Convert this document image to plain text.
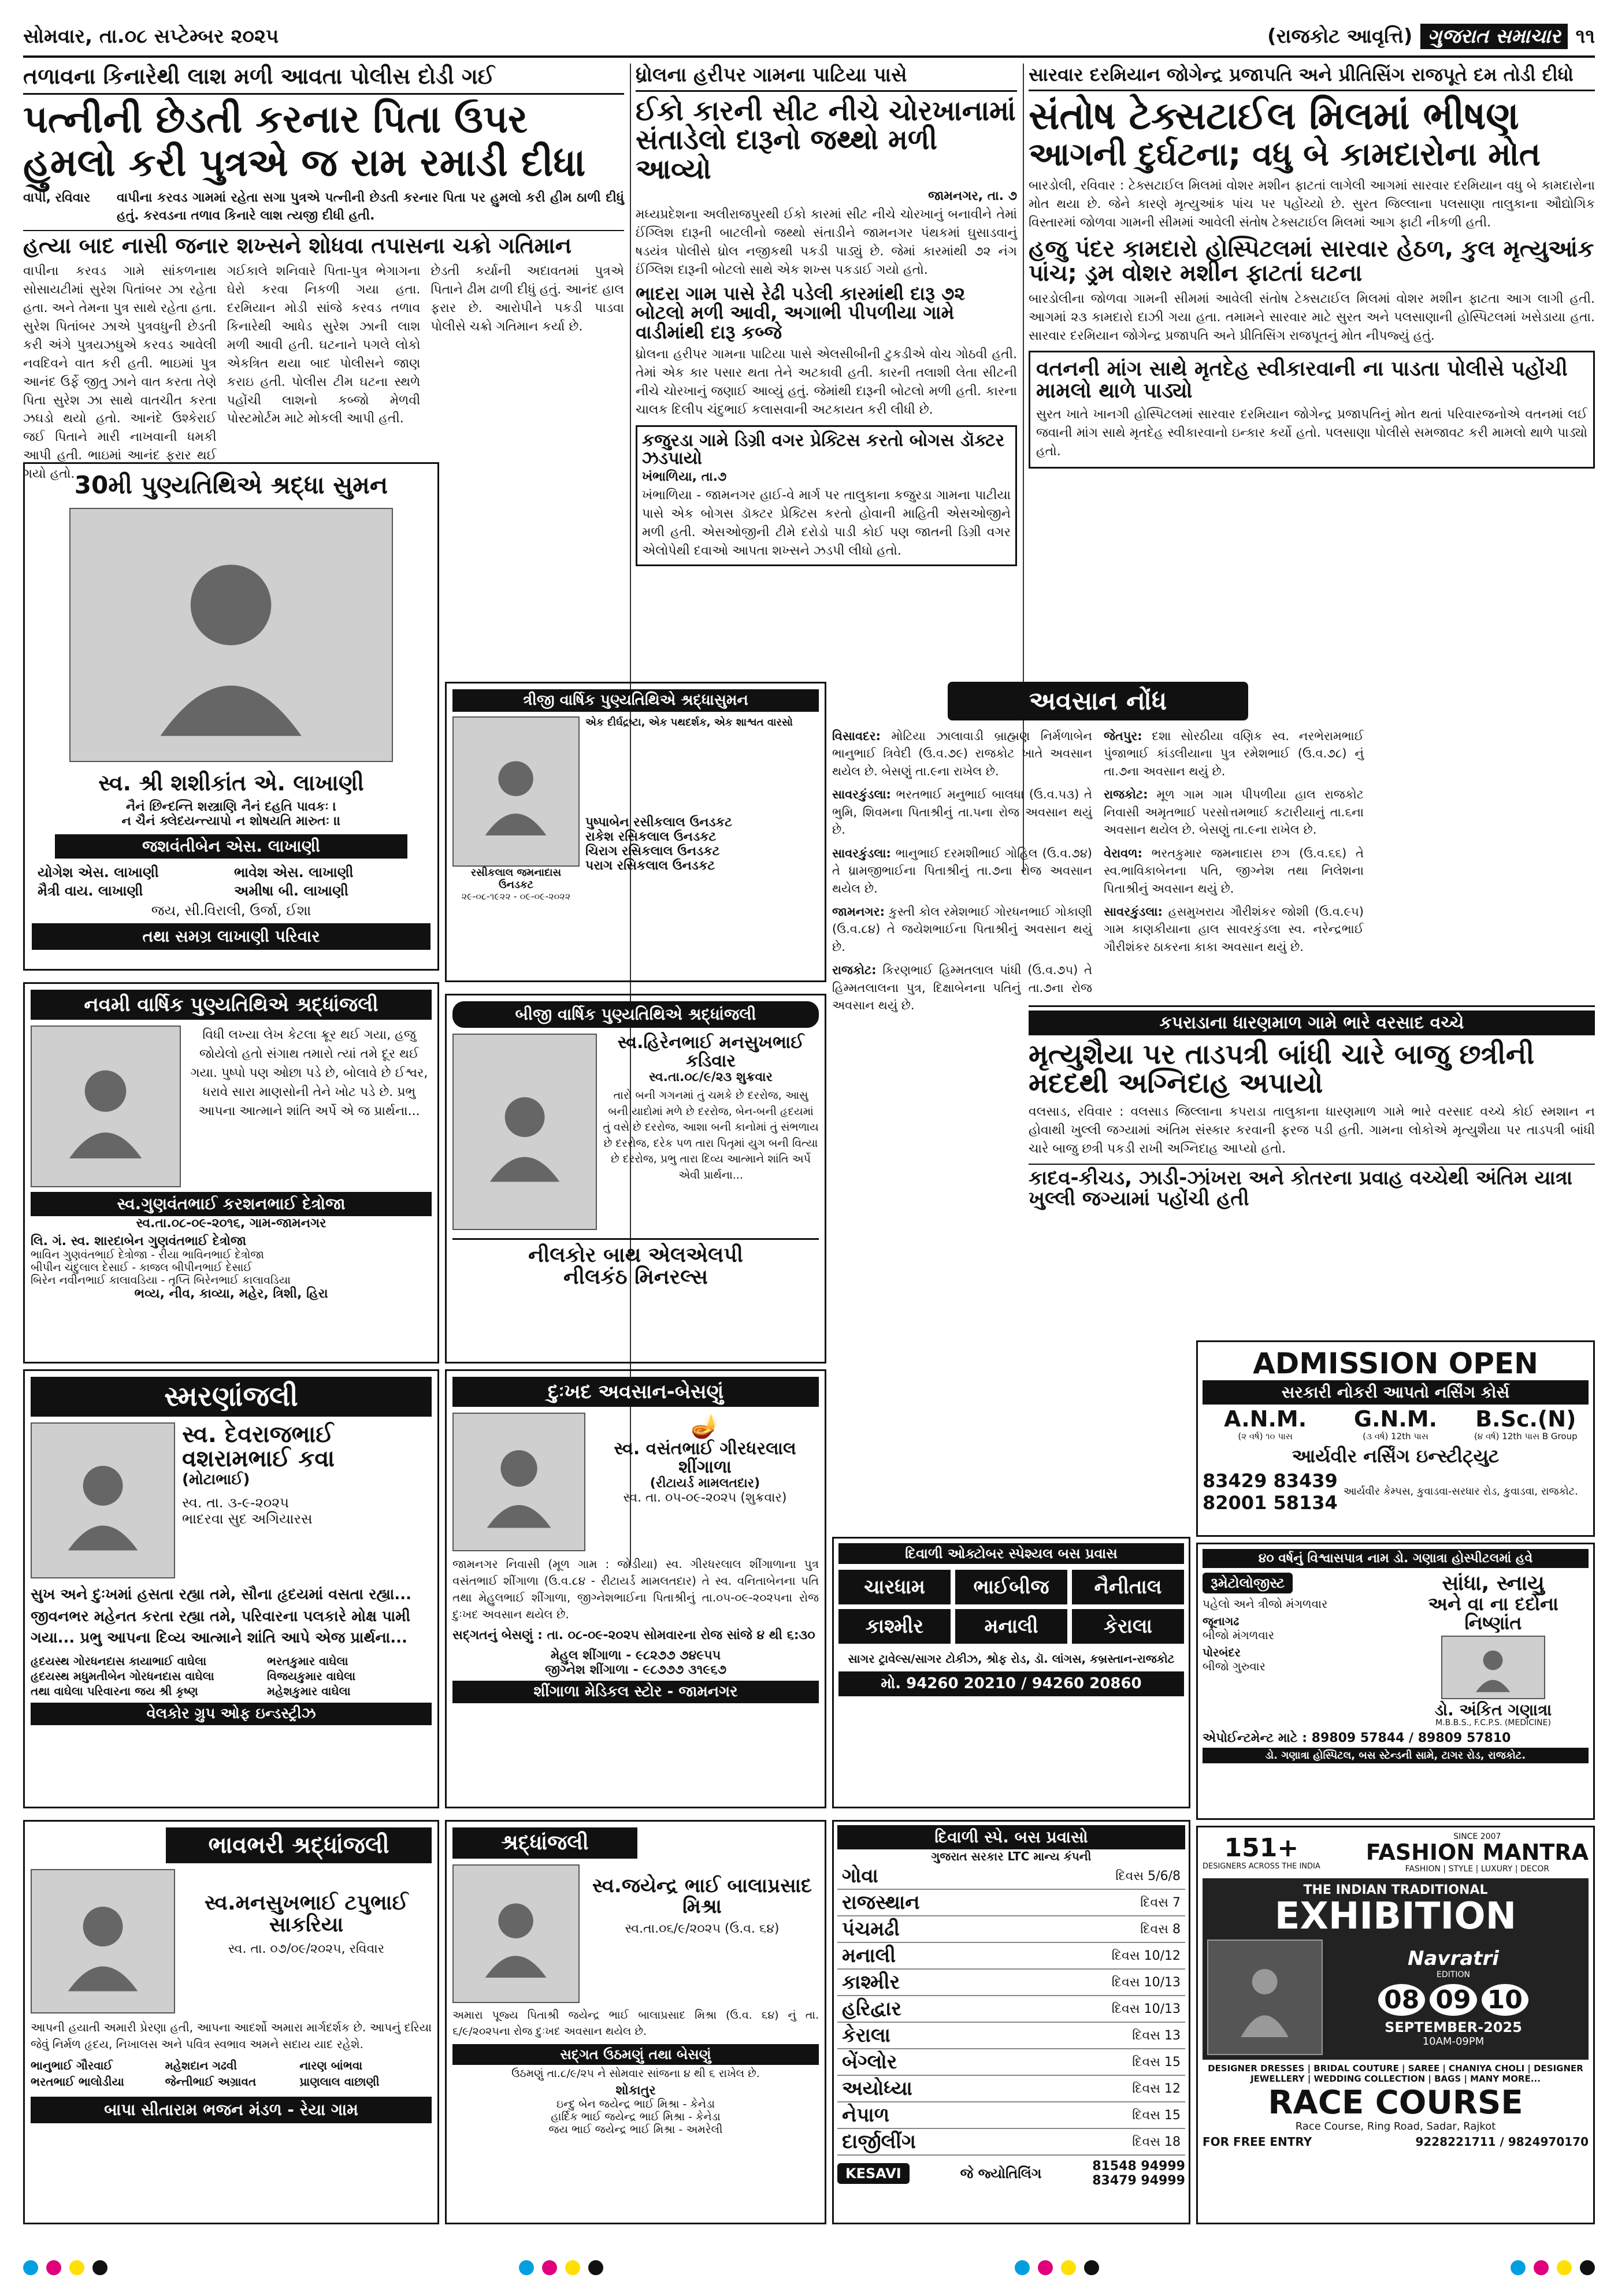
સોમવાર, તા.૦૮ સપ્ટેમ્બર ૨૦૨૫	(રાજકોટ આવૃત્તિ) ગુજરાત સમાચાર ૧૧
તળાવના કિનારેથી લાશ મળી આવતા પોલીસ દોડી ગઈ
પત્નીની છેડતી કરનાર પિતા ઉપર
હુમલો કરી પુત્રએ જ રામ રમાડી દીધા
વાપી, રવિવાર	વાપીના કરવડ ગામમાં રહેતા સગા પુત્રએ પત્નીની છેડતી કરનાર પિતા પર હુમલો કરી હીમ ઠાળી દીધું હતું. કરવડના તળાવ કિનારે લાશ ત્યજી દીધી હતી.
હત્યા બાદ નાસી જનાર શખ્સને શોધવા તપાસના ચક્રો ગતિમાન
વાપીના કરવડ ગામે સાંકળનાથ સોસાયટીમાં સુરેશ પિતાંબર ઝા રહેતા હતા. અને તેમના પુત્ર સાથે રહેતા હતા. સુરેશ પિતાંબર ઝાએ પુત્રવધુની છેડતી કરી અંગે પુત્રયઝધુએ કરવડ આવેલી નવદિવને વાત કરી હતી. ભાઇમાં પુત્ર આનંદ ઉર્ફે જીતુ ઝાને વાત કરતા તેણે પિતા સુરેશ ઝા સાથે વાતચીત કરતા ઝઘડો થયો હતો. આનંદે ઉશ્કેરાઈ જઈ પિતાને મારી નાખવાની ધમકી આપી હતી. ભાઇમાં આનંદ ફરાર થઈ ગયો હતો.
ગઈકાલે શનિવારે પિતા-પુત્ર ભેગાગના ઘેરો કરવા નિકળી ગયા હતા. દરમિયાન મોડી સાંજે કરવડ તળાવ કિનારેથી આધેડ સુરેશ ઝાની લાશ મળી આવી હતી. ઘટનાને પગલે લોકો એકત્રિત થયા બાદ પોલીસને જાણ કરાઇ હતી. પોલીસ ટીમ ઘટના સ્થળે પહોંચી લાશનો કબ્જો મેળવી પોસ્ટમોર્ટમ માટે મોકલી આપી હતી.
છેડતી કર્યાની અદાવતમાં પુત્રએ પિતાને ઢીમ ઢાળી દીધું હતું. આનંદ હાલ ફરાર છે. આરોપીને પકડી પાડવા પોલીસે ચક્રો ગતિમાન કર્યા છે.
ધ્રોલના હરીપર ગામના પાટિયા પાસે
ઈકો કારની સીટ નીચે ચોરખાનામાં સંતાડેલો દારૂનો જથ્થો મળી આવ્યો
જામનગર, તા. ૭
મધ્યપ્રદેશના અલીરાજપુરથી ઈકો કારમાં સીટ નીચે ચોરખાનું બનાવીને તેમાં ઈંગ્લિશ દારૂની બાટલીનો જથ્થો સંતાડીને જામનગર પંથકમાં ઘુસાડવાનું ષડયંત્ર પોલીસે ધ્રોલ નજીકથી પકડી પાડ્યું છે. જેમાં કારમાંથી ૭૨ નંગ ઈંગ્લિશ દારૂની બોટલો સાથે એક શખ્સ પકડાઈ ગયો હતો.
ભાદરા ગામ પાસે રેઢી પડેલી કારમાંથી દારૂ ૭૨ બોટલો મળી આવી, અગાભી પીપળીયા ગામે વાડીમાંથી દારૂ કબ્જે
ધ્રોલના હરીપર ગામના પાટિયા પાસે એલસીબીની ટુકડીએ વોચ ગોઠવી હતી. તેમાં એક કાર પસાર થતા તેને અટકાવી હતી. કારની તલાશી લેતા સીટની નીચે ચોરખાનું જણાઈ આવ્યું હતું. જેમાંથી દારૂની બોટલો મળી હતી. કારના ચાલક દિલીપ ચંદુભાઈ કલાસવાની અટકાયત કરી લીધી છે.
કજુરડા ગામે ડિગ્રી વગર પ્રેક્ટિસ કરતો બોગસ ડૉક્ટર ઝડપાયો
ખંભાળિયા, તા.૭
ખંભાળિયા - જામનગર હાઈ-વે માર્ગ પર તાલુકાના કજુરડા ગામના પાટીયા પાસે એક બોગસ ડૉક્ટર પ્રેક્ટિસ કરતો હોવાની માહિતી એસઓજીને મળી હતી. એસઓજીની ટીમે દરોડો પાડી કોઈ પણ જાતની ડિગ્રી વગર એલોપેથી દવાઓ આપતા શખ્સને ઝડપી લીધો હતો.
સારવાર દરમિયાન જોગેન્દ્ર પ્રજાપતિ અને પ્રીતિસિંગ રાજપૂતે દમ તોડી દીધો
સંતોષ ટેક્સટાઈલ મિલમાં ભીષણ
આગની દુર્ઘટના; વધુ બે કામદારોના મોત
બારડોલી, રવિવાર : ટેક્સટાઈલ મિલમાં વોશર મશીન ફાટતાં લાગેલી આગમાં સારવાર દરમિયાન વધુ બે કામદારોના મોત થયા છે. જેને કારણે મૃત્યુઆંક પાંચ પર પહોંચ્યો છે. સુરત જિલ્લાના પલસાણા તાલુકાના ઔદ્યોગિક વિસ્તારમાં જોળવા ગામની સીમમાં આવેલી સંતોષ ટેક્સટાઈલ મિલમાં આગ ફાટી નીકળી હતી.
હજુ પંદર કામદારો હોસ્પિટલમાં સારવાર હેઠળ, કુલ મૃત્યુઆંક પાંચ; ડ્રમ વોશર મશીન ફાટતાં ઘટના
બારડોલીના જોળવા ગામની સીમમાં આવેલી સંતોષ ટેક્સટાઈલ મિલમાં વોશર મશીન ફાટતા આગ લાગી હતી. આગમાં ૨૩ કામદારો દાઝી ગયા હતા. તમામને સારવાર માટે સુરત અને પલસાણાની હોસ્પિટલમાં ખસેડાયા હતા. સારવાર દરમિયાન જોગેન્દ્ર પ્રજાપતિ અને પ્રીતિસિંગ રાજપૂતનું મોત નીપજ્યું હતું.
વતનની માંગ સાથે મૃતદેહ સ્વીકારવાની ના પાડતા પોલીસે પહોંચી મામલો થાળે પાડ્યો
સુરત ખાતે ખાનગી હોસ્પિટલમાં સારવાર દરમિયાન જોગેન્દ્ર પ્રજાપતિનું મોત થતાં પરિવારજનોએ વતનમાં લઈ જવાની માંગ સાથે મૃતદેહ સ્વીકારવાનો ઇન્કાર કર્યો હતો. પલસાણા પોલીસે સમજાવટ કરી મામલો થાળે પાડ્યો હતો.
30મી પુણ્યતિથિએ શ્રદ્ધા સુમન
સ્વ. શ્રી શશીકાંત એ. લાખાણી
નૈનં છિન્દન્તિ શસ્ત્રાણિ નૈનં દહતિ પાવકઃ ।
ન ચૈનં ક્લેદયન્ત્યાપો ન શોષયતિ મારુતઃ ।।
જશવંતીબેન એસ. લાખાણી
યોગેશ એસ. લાખાણી	ભાવેશ એસ. લાખાણી
મૈત્રી વાય. લાખાણી	અમીષા બી. લાખાણી
જય, સી.વિરાલી, ઉર્જા, ઈશા
તથા સમગ્ર લાખાણી પરિવાર
ત્રીજી વાર્ષિક પુણ્યતિથિએ શ્રદ્ધાસુમન
રસીકલાલ જમનાદાસ ઉનડકટ
૨૯-૦૮-૧૯૨૨ - ૦૯-૦૯-૨૦૨૨
એક દીર્ઘદ્રષ્ટા, એક પથદર્શક, એક શાશ્વત વારસો
પુષ્પાબેન રસીકલાલ ઉનડકટ
રાકેશ રસિકલાલ ઉનડકટ
ચિરાગ રસિકલાલ ઉનડકટ
પરાગ રસિકલાલ ઉનડકટ
અવસાન નોંધ
વિસાવદર: મોટિયા ઝાલાવાડી બ્રાહ્મણ નિર્મળાબેન ભાનુભાઈ ત્રિવેદી (ઉ.વ.૭૯) રાજકોટ ખાતે અવસાન થયેલ છે. બેસણું તા.૯ના રાખેલ છે.
સાવરકુંડલા: ભરતભાઈ મનુભાઈ બાલધા (ઉ.વ.૫૩) તે ભુમિ, શિવમના પિતાશ્રીનું તા.૫ના રોજ અવસાન થયું છે.
સાવરકુંડલા: ભાનુભાઈ દરમશીભાઈ ગોહિલ (ઉ.વ.૭૪) તે ધ્રામજીભાઈના પિતાશ્રીનું તા.૭ના રોજ અવસાન થયેલ છે.
જામનગર: કુસ્તી કોલ રમેશભાઈ ગોરધનભાઈ ગોકાણી (ઉ.વ.૮૪) તે જયેશભાઈના પિતાશ્રીનું અવસાન થયું છે.
રાજકોટ: કિરણભાઈ હિમ્મતલાલ પાંધી (ઉ.વ.૭૫) તે હિમ્મતલાલના પુત્ર, દિક્ષાબેનના પતિનું તા.૭ના રોજ અવસાન થયું છે.
જેતપુર: દશા સોરઠીયા વણિક સ્વ. નરભેરામભાઈ પુંજાભાઈ કાંડલીયાના પુત્ર રમેશભાઈ (ઉ.વ.૭૮) નું તા.૭ના અવસાન થયું છે.
રાજકોટ: મૂળ ગામ ગામ પીપળીયા હાલ રાજકોટ નિવાસી અમૃતભાઈ પરસોત્તમભાઈ કટારીયાનું તા.૬ના અવસાન થયેલ છે. બેસણું તા.૯ના રાખેલ છે.
વેરાવળ: ભરતકુમાર જમનાદાસ છગ (ઉ.વ.૬૬) તે સ્વ.ભાવિકાબેનના પતિ, જીગ્નેશ તથા નિલેશના પિતાશ્રીનું અવસાન થયું છે.
સાવરકુંડલા: હસમુખરાય ગૌરીશંકર જોશી (ઉ.વ.૯૫) ગામ કાણકીયાના હાલ સાવરકુંડલા સ્વ. નરેન્દ્રભાઈ ગૌરીશંકર ઠાકરના કાકા અવસાન થયું છે.
કપરાડાના ધારણમાળ ગામે ભારે વરસાદ વચ્ચે
મૃત્યુશૈયા પર તાડપત્રી બાંધી ચારે બાજુ છત્રીની મદદથી અગ્નિદાહ અપાયો
વલસાડ, રવિવાર : વલસાડ જિલ્લાના કપરાડા તાલુકાના ધારણમાળ ગામે ભારે વરસાદ વચ્ચે કોઈ સ્મશાન ન હોવાથી ખુલ્લી જગ્યામાં અંતિમ સંસ્કાર કરવાની ફરજ પડી હતી. ગામના લોકોએ મૃત્યુશૈયા પર તાડપત્રી બાંધી ચારે બાજુ છત્રી પકડી રાખી અગ્નિદાહ આપ્યો હતો.
કાદવ-કીચડ, ઝાડી-ઝાંખરા અને કોતરના પ્રવાહ વચ્ચેથી અંતિમ યાત્રા ખુલ્લી જગ્યામાં પહોંચી હતી
નવમી વાર્ષિક પુણ્યતિથિએ શ્રદ્ધાંજલી
વિધી લખ્યા લેખ કેટલા ક્રૂર થઈ ગયા, હજુ જોયેલો હતો સંગાથ તમારો ત્યાં તમે દૂર થઈ ગયા. પુષ્પો પણ ઓછા પડે છે, બોલાવે છે ઈશ્વર, ધરાવે સારા માણસોની તેને ખોટ પડે છે. પ્રભુ આપના આત્માને શાંતિ અર્પે એ જ પ્રાર્થના...
સ્વ.ગુણવંતભાઈ કરશનભાઈ દેત્રોજા
સ્વ.તા.૦૮-૦૯-૨૦૧૬, ગામ-જામનગર
લિ. ગં. સ્વ. શારદાબેન ગુણવંતભાઈ દેત્રોજા
ભાવિન ગુણવંતભાઈ દેત્રોજા - રીયા ભાવિનભાઈ દેત્રોજા
બીપીન ચંદુલાલ દેસાઈ - કાજલ બીપીનભાઈ દેસાઈ
બિરેન નવીનભાઈ કાલાવડિયા - તૃપ્તિ બિરેનભાઈ કાલાવડિયા
ભવ્ય, નીવ, કાવ્યા, મહેર, ત્રિશી, હિરા
બીજી વાર્ષિક પુણ્યતિથિએ શ્રદ્ધાંજલી
સ્વ.હિરેનભાઈ મનસુખભાઈ કડિવાર
સ્વ.તા.૦૮/૯/૨૩ શુક્રવાર
તારો બની ગગનમાં તું ચમકે છે દરરોજ, આસુ બની યાદોમાં મળે છે દરરોજ, બેન-બની હૃદયમાં તું વસે છે દરરોજ, આશા બની કાનોમાં તું સંભળાય છે દરરોજ, દરેક પળ તારા પિતૃમાં યુગ બની વિત્યા છે દરરોજ, પ્રભુ તારા દિવ્ય આત્માને શાંતિ અર્પે એવી પ્રાર્થના...
નીલકોર બાથ એલએલપી
નીલકંઠ મિનરલ્સ
સ્મરણાંજલી
સ્વ. દેવરાજભાઈ વશરામભાઈ કવા
(મોટાભાઈ)
સ્વ. તા. ૩-૯-૨૦૨૫
ભાદરવા સુદ અગિયારસ
સુખ અને દુઃખમાં હસતા રહ્યા તમે, સૌના હૃદયમાં વસતા રહ્યા... જીવનભર મહેનત કરતા રહ્યા તમે, પરિવારના પલકારે મોક્ષ પામી ગયા... પ્રભુ આપના દિવ્ય આત્માને શાંતિ આપે એજ પ્રાર્થના...
હૃદયસ્થ ગોરધનદાસ કાયાભાઈ વાઘેલા	ભરતકુમાર વાઘેલા
હૃદયસ્થ મધુમતીબેન ગોરધનદાસ વાઘેલા	વિજયકુમાર વાઘેલા
તથા વાઘેલા પરિવારના જય શ્રી કૃષ્ણ	મહેશકુમાર વાઘેલા
વેલકોર ગ્રુપ ઓફ ઇન્ડસ્ટ્રીઝ
દુઃખદ અવસાન-બેસણું
🪔
સ્વ. વસંતભાઈ ગીરધરલાલ શીંગાળા
(રીટાયર્ડ મામલતદાર)
સ્વ. તા. ૦૫-૦૯-૨૦૨૫ (શુક્રવાર)
જામનગર નિવાસી (મૂળ ગામ : જોડીયા) સ્વ. ગીરધરલાલ શીંગાળાના પુત્ર વસંતભાઈ શીંગાળા (ઉ.વ.૮૪ - રીટાયર્ડ મામલતદાર) તે સ્વ. વનિતાબેનના પતિ તથા મેહુલભાઈ શીંગાળા, જીગ્નેશભાઈના પિતાશ્રીનું તા.૦૫-૦૯-૨૦૨૫ના રોજ દુઃખદ અવસાન થયેલ છે.
સદ્ગતનું બેસણું : તા. ૦૮-૦૯-૨૦૨૫ સોમવારના રોજ સાંજે ૪ થી ૬:૩૦
મેહુલ શીંગાળા - ૯૮૨૭૭ ૭૪૯૫૫
જીગ્નેશ શીંગાળા - ૯૮૭૭૭ ૩૧૯૬૭
શીંગાળા મેડિકલ સ્ટોર - જામનગર
ADMISSION OPEN
સરકારી નોકરી આપતો નર્સિંગ કોર્સ
A.N.M.
(૨ વર્ષ) ૧૦ પાસ
G.N.M.
(૩ વર્ષ) 12th પાસ
B.Sc.(N)
(૪ વર્ષ) 12th પાસ B Group
આર્યવીર નર્સિંગ ઇન્સ્ટીટ્યુટ
83429 83439
82001 58134 આર્યવીર કેમ્પસ, કુવાડવા-સરધાર રોડ, કુવાડવા, રાજકોટ.
૪૦ વર્ષનું વિશ્વાસપાત્ર નામ ડો. ગણાત્રા હોસ્પીટલમાં હવે
રૂમેટોલોજીસ્ટ
પહેલો અને ત્રીજો મંગળવાર
જૂનાગઢ
બીજો મંગળવાર
પોરબંદર
બીજો ગુરુવાર
સાંધા, સ્નાયુ
અને વા ના દર્દોના
નિષ્ણાંત
ડો. અંકિત ગણાત્રા
M.B.B.S., F.C.P.S. (MEDICINE)
એપોઈન્ટમેન્ટ માટે : 89809 57844 / 89809 57810
ડો. ગણાત્રા હોસ્પિટલ, બસ સ્ટેન્ડની સામે, ટાગર રોડ, રાજકોટ.
દિવાળી ઓક્ટોબર સ્પેશ્યલ બસ પ્રવાસ
ચારધામ	ભાઈબીજ	નૈનીતાલ
કાશ્મીર	મનાલી	કેરાલા
સાગર ટ્રાવેલ્સ/સાગર ટોકીઝ, શ્રોફ રોડ, ડૉ. લાંગસ, કબ્રસ્તાન-રાજકોટ
મો. 94260 20210 / 94260 20860
ભાવભરી શ્રદ્ધાંજલી
સ્વ.મનસુખભાઈ ટપુભાઈ સાકરિયા
સ્વ. તા. ૦૭/૦૯/૨૦૨૫, રવિવાર
આપની હયાતી અમારી પ્રેરણા હતી, આપના આદર્શો અમારા માર્ગદર્શક છે. આપનું દરિયા જેવું નિર્મળ હૃદય, નિખાલસ અને પવિત્ર સ્વભાવ અમને સદાય યાદ રહેશે.
ભાનુભાઈ ગૌરવાઈ	મહેશદાન ગઢવી	નારણ બાંભવા
ભરતભાઈ ભાલોડીયા	જેન્તીભાઈ અગ્રાવત	પ્રાણલાલ વાછાણી
બાપા સીતારામ ભજન મંડળ - રેયા ગામ
શ્રદ્ધાંજલી
સ્વ.જયેન્દ્ર ભાઈ બાલાપ્રસાદ મિશ્રા
સ્વ.તા.૦૬/૯/૨૦૨૫ (ઉ.વ. ૬૪)
અમારા પૂજ્ય પિતાશ્રી જયેન્દ્ર ભાઈ બાલાપ્રસાદ મિશ્રા (ઉ.વ. ૬૪) નું તા. ૬/૯/૨૦૨૫ના રોજ દુઃખદ અવસાન થયેલ છે.
સદ્ગત ઉઠમણું તથા બેસણું
ઉઠમણું તા.૮/૯/૨૫ ને સોમવાર સાંજના ૪ થી ૬ રાખેલ છે.
શોકાતુર
ઇન્દુ બેન જયેન્દ્ર ભાઈ મિશ્રા - કેનેડા
હાર્દિક ભાઈ જયેન્દ્ર ભાઈ મિશ્રા - કેનેડા
જય ભાઈ જયેન્દ્ર ભાઈ મિશ્રા - અમરેલી
દિવાળી સ્પે. બસ પ્રવાસો
ગુજરાત સરકાર LTC માન્ય કંપની
ગોવા	દિવસ 5/6/8
રાજસ્થાન	દિવસ 7
પંચમઢી	દિવસ 8
મનાલી	દિવસ 10/12
કાશ્મીર	દિવસ 10/13
હરિદ્વાર	દિવસ 10/13
કેરાલા	દિવસ 13
બેંગ્લોર	દિવસ 15
અયોધ્યા	દિવસ 12
નેપાળ	દિવસ 15
દાર્જીલીંગ	દિવસ 18
KESAVI	જે જ્યોતિલિંગ	81548 94999
83479 94999
151+
DESIGNERS ACROSS THE INDIA
SINCE 2007
FASHION MANTRA
FASHION | STYLE | LUXURY | DECOR
THE INDIAN TRADITIONAL
EXHIBITION
Navratri
EDITION
08 09 10
SEPTEMBER-2025
10AM-09PM
DESIGNER DRESSES | BRIDAL COUTURE | SAREE | CHANIYA CHOLI | DESIGNER JEWELLERY | WEDDING COLLECTION | BAGS | MANY MORE...
RACE COURSE
Race Course, Ring Road, Sadar, Rajkot
FOR FREE ENTRY	9228221711 / 9824970170
